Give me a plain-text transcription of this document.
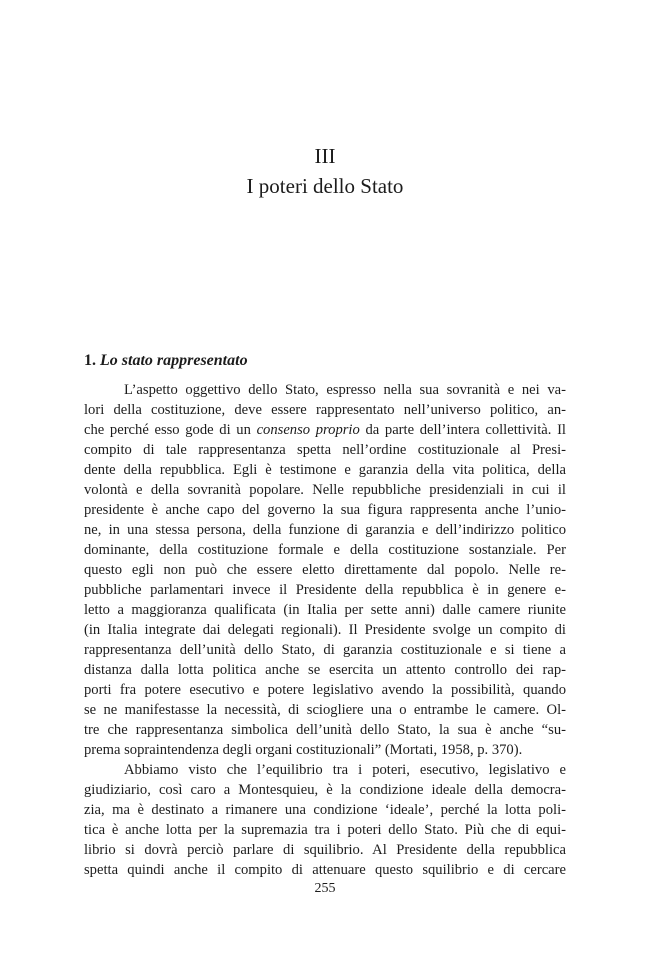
III
I poteri dello Stato
1. Lo stato rappresentato
L’aspetto oggettivo dello Stato, espresso nella sua sovranità e nei va-
lori della costituzione, deve essere rappresentato nell’universo politico, an-
che perché esso gode di un consenso proprio da parte dell’intera collettività. Il
compito di tale rappresentanza spetta nell’ordine costituzionale al Presi-
dente della repubblica. Egli è testimone e garanzia della vita politica, della
volontà e della sovranità popolare. Nelle repubbliche presidenziali in cui il
presidente è anche capo del governo la sua figura rappresenta anche l’unio-
ne, in una stessa persona, della funzione di garanzia e dell’indirizzo politico
dominante, della costituzione formale e della costituzione sostanziale. Per
questo egli non può che essere eletto direttamente dal popolo. Nelle re-
pubbliche parlamentari invece il Presidente della repubblica è in genere e-
letto a maggioranza qualificata (in Italia per sette anni) dalle camere riunite
(in Italia integrate dai delegati regionali). Il Presidente svolge un compito di
rappresentanza dell’unità dello Stato, di garanzia costituzionale e si tiene a
distanza dalla lotta politica anche se esercita un attento controllo dei rap-
porti fra potere esecutivo e potere legislativo avendo la possibilità, quando
se ne manifestasse la necessità, di sciogliere una o entrambe le camere. Ol-
tre che rappresentanza simbolica dell’unità dello Stato, la sua è anche “su-
prema sopraintendenza degli organi costituzionali” (Mortati, 1958, p. 370).
Abbiamo visto che l’equilibrio tra i poteri, esecutivo, legislativo e
giudiziario, così caro a Montesquieu, è la condizione ideale della democra-
zia, ma è destinato a rimanere una condizione ‘ideale’, perché la lotta poli-
tica è anche lotta per la supremazia tra i poteri dello Stato. Più che di equi-
librio si dovrà perciò parlare di squilibrio. Al Presidente della repubblica
spetta quindi anche il compito di attenuare questo squilibrio e di cercare
255
